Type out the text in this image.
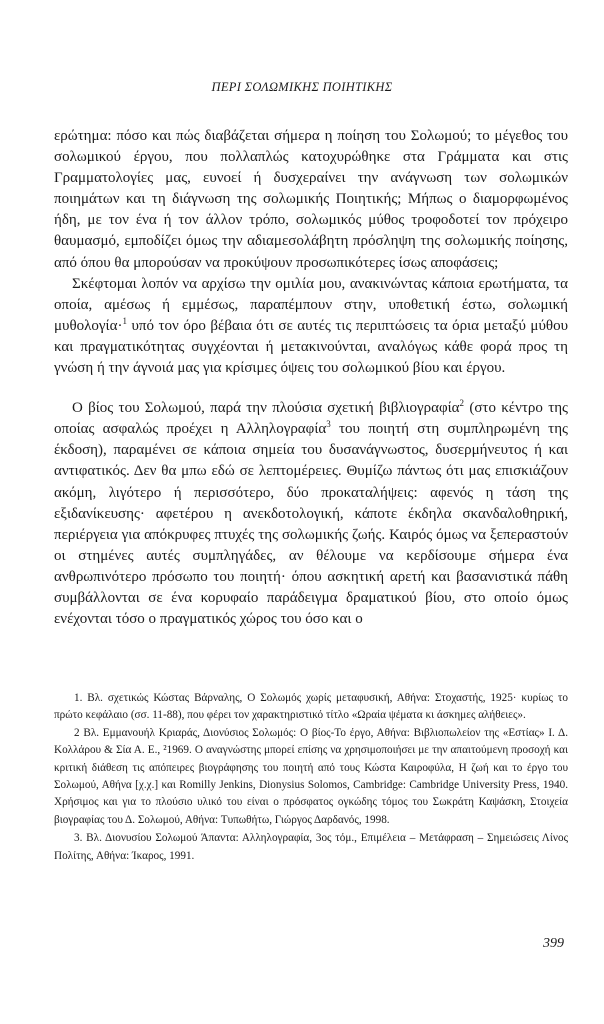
ΠΕΡΙ ΣΟΛΩΜΙΚΗΣ ΠΟΙΗΤΙΚΗΣ

ερώτημα: πόσο και πώς διαβάζεται σήμερα η ποίηση του Σολωμού; το μέγεθος του σολωμικού έργου, που πολλαπλώς κατοχυρώθηκε στα Γράμματα και στις Γραμματολογίες μας, ευνοεί ή δυσχεραίνει την ανάγνωση των σολωμικών ποιημάτων και τη διάγνωση της σολωμικής Ποιητικής; Μήπως ο διαμορφωμένος ήδη, με τον ένα ή τον άλλον τρόπο, σολωμικός μύθος τροφοδοτεί τον πρόχειρο θαυμασμό, εμποδίζει όμως την αδιαμεσολάβητη πρόσληψη της σολωμικής ποίησης, από όπου θα μπορούσαν να προκύψουν προσωπικότερες ίσως αποφάσεις;

Σκέφτομαι λοπόν να αρχίσω την ομιλία μου, ανακινώντας κάποια ερωτήματα, τα οποία, αμέσως ή εμμέσως, παραπέμπουν στην, υποθετική έστω, σολωμική μυθολογία·$^1$ υπό τον όρο βέβαια ότι σε αυτές τις περιπτώσεις τα όρια μεταξύ μύθου και πραγματικότητας συγχέονται ή μετακινούνται, αναλόγως κάθε φορά προς τη γνώση ή την άγνοιά μας για κρίσιμες όψεις του σολωμικού βίου και έργου.

Ο βίος του Σολωμού, παρά την πλούσια σχετική βιβλιογραφία$^2$ (στο κέντρο της οποίας ασφαλώς προέχει η Αλληλογραφία$^3$ του ποιητή στη συμπληρωμένη της έκδοση), παραμένει σε κάποια σημεία του δυσανάγνωστος, δυσερμήνευτος ή και αντιφατικός. Δεν θα μπω εδώ σε λεπτομέρειες. Θυμίζω πάντως ότι μας επισκιάζουν ακόμη, λιγότερο ή περισσότερο, δύο προκαταλήψεις: αφενός η τάση της εξιδανίκευσης· αφετέρου η ανεκδοτολογική, κάποτε έκδηλα σκανδαλοθηρική, περιέργεια για απόκρυφες πτυχές της σολωμικής ζωής. Καιρός όμως να ξεπεραστούν οι στημένες αυτές συμπληγάδες, αν θέλουμε να κερδίσουμε σήμερα ένα ανθρωπινότερο πρόσωπο του ποιητή· όπου ασκητική αρετή και βασανιστικά πάθη συμβάλλονται σε ένα κορυφαίο παράδειγμα δραματικού βίου, στο οποίο όμως ενέχονται τόσο ο πραγματικός χώρος του όσο και ο

1. Βλ. σχετικώς Κώστας Βάρναλης, Ο Σολωμός χωρίς μεταφυσική, Αθήνα: Στοχαστής, 1925· κυρίως το πρώτο κεφάλαιο (σσ. 11-88), που φέρει τον χαρακτηριστικό τίτλο «Ωραία ψέματα κι άσκημες αλήθειες».

2 Βλ. Εμμανουήλ Κριαράς, Διονύσιος Σολωμός: Ο βίος-Το έργο, Αθήνα: Βιβλιοπωλείον της «Εστίας» Ι. Δ. Κολλάρου & Σία Α. Ε., ²1969. Ο αναγνώστης μπορεί επίσης να χρησιμοποιήσει με την απαιτούμενη προσοχή και κριτική διάθεση τις απόπειρες βιογράφησης του ποιητή από τους Κώστα Καιροφύλα, Η ζωή και το έργο του Σολωμού, Αθήνα [χ.χ.] και Romilly Jenkins, Dionysius Solomos, Cambridge: Cambridge University Press, 1940. Χρήσιμος και για το πλούσιο υλικό του είναι ο πρόσφατος ογκώδης τόμος του Σωκράτη Καψάσκη, Στοιχεία βιογραφίας του Δ. Σολωμού, Αθήνα: Τυπωθήτω, Γιώργος Δαρδανός, 1998.

3. Βλ. Διονυσίου Σολωμού Άπαντα: Αλληλογραφία, 3ος τόμ., Επιμέλεια – Μετάφραση – Σημειώσεις Λίνος Πολίτης, Αθήνα: Ίκαρος, 1991.

399
